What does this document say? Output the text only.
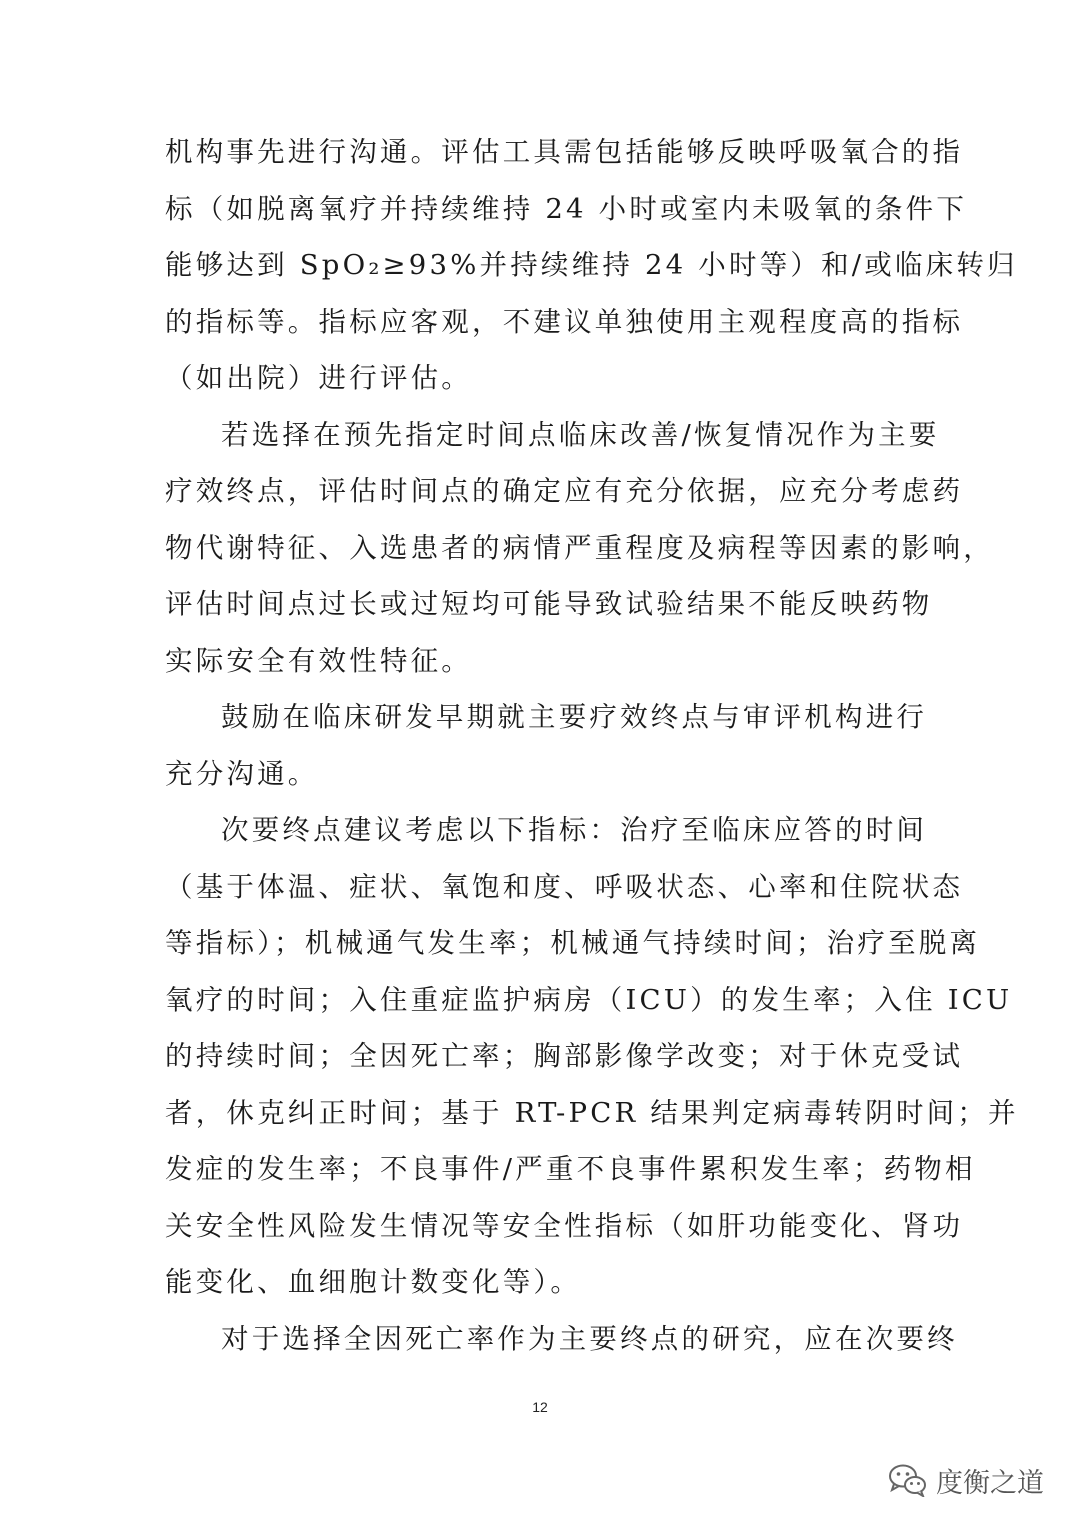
机构事先进行沟通。评估工具需包括能够反映呼吸氧合的指
标（如脱离氧疗并持续维持 24 小时或室内未吸氧的条件下
能够达到 SpO₂≥93%并持续维持 24 小时等）和/或临床转归
的指标等。指标应客观，不建议单独使用主观程度高的指标
（如出院）进行评估。
若选择在预先指定时间点临床改善/恢复情况作为主要
疗效终点，评估时间点的确定应有充分依据，应充分考虑药
物代谢特征、入选患者的病情严重程度及病程等因素的影响，
评估时间点过长或过短均可能导致试验结果不能反映药物
实际安全有效性特征。
鼓励在临床研发早期就主要疗效终点与审评机构进行
充分沟通。
次要终点建议考虑以下指标：治疗至临床应答的时间
（基于体温、症状、氧饱和度、呼吸状态、心率和住院状态
等指标）；机械通气发生率；机械通气持续时间；治疗至脱离
氧疗的时间；入住重症监护病房（ICU）的发生率；入住 ICU
的持续时间；全因死亡率；胸部影像学改变；对于休克受试
者，休克纠正时间；基于 RT-PCR 结果判定病毒转阴时间；并
发症的发生率；不良事件/严重不良事件累积发生率；药物相
关安全性风险发生情况等安全性指标（如肝功能变化、肾功
能变化、血细胞计数变化等）。
对于选择全因死亡率作为主要终点的研究，应在次要终
12
度衡之道
